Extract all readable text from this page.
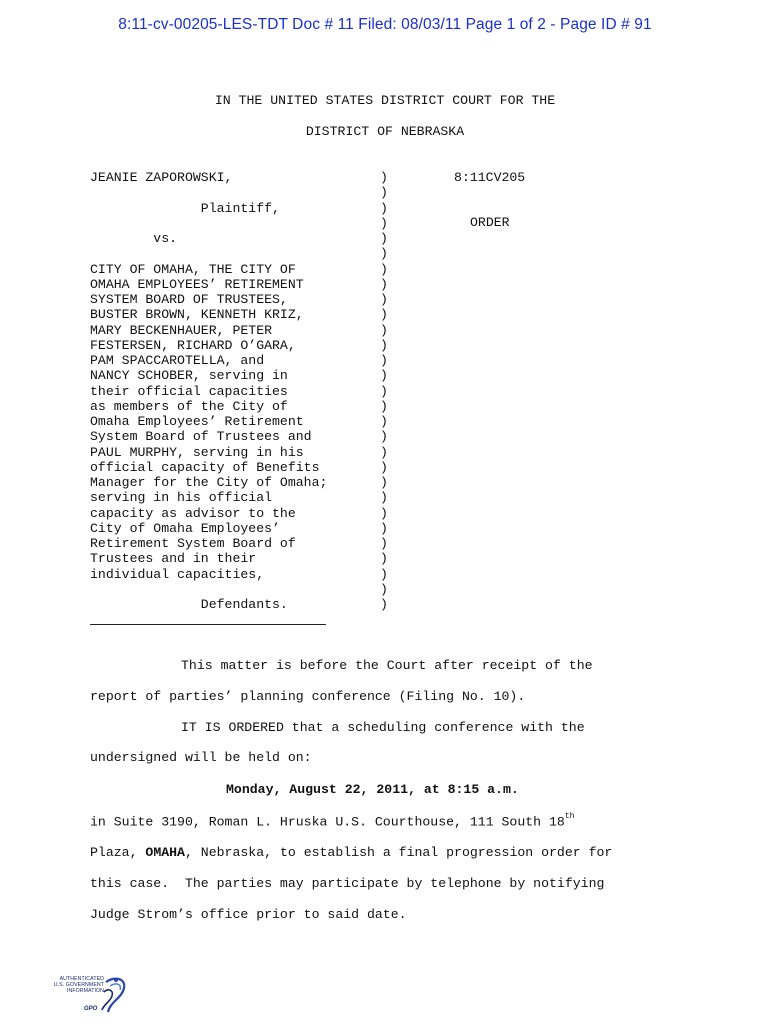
8:11-cv-00205-LES-TDT Doc # 11 Filed: 08/03/11 Page 1 of 2 - Page ID # 91
IN THE UNITED STATES DISTRICT COURT FOR THE
DISTRICT OF NEBRASKA
JEANIE ZAPOROWSKI,

Plaintiff,

vs.

CITY OF OMAHA, THE CITY OF
OMAHA EMPLOYEES’ RETIREMENT
SYSTEM BOARD OF TRUSTEES,
BUSTER BROWN, KENNETH KRIZ,
MARY BECKENHAUER, PETER
FESTERSEN, RICHARD O’GARA,
PAM SPACCAROTELLA, and
NANCY SCHOBER, serving in
their official capacities
as members of the City of
Omaha Employees’ Retirement
System Board of Trustees and
PAUL MURPHY, serving in his
official capacity of Benefits
Manager for the City of Omaha;
serving in his official
capacity as advisor to the
City of Omaha Employees’
Retirement System Board of
Trustees and in their
individual capacities,

Defendants.
)
)
)
)
)
)
)
)
)
)
)
)
)
)
)
)
)
)
)
)
)
)
)
)
)
)
)
)
)
8:11CV205
ORDER
This matter is before the Court after receipt of the
report of parties’ planning conference (Filing No. 10).
IT IS ORDERED that a scheduling conference with the
undersigned will be held on:
Monday, August 22, 2011, at 8:15 a.m.
in Suite 3190, Roman L. Hruska U.S. Courthouse, 111 South 18th
Plaza, OMAHA, Nebraska, to establish a final progression order for
this case.  The parties may participate by telephone by notifying
Judge Strom’s office prior to said date.
AUTHENTICATED
U.S. GOVERNMENT
INFORMATION
GPO
